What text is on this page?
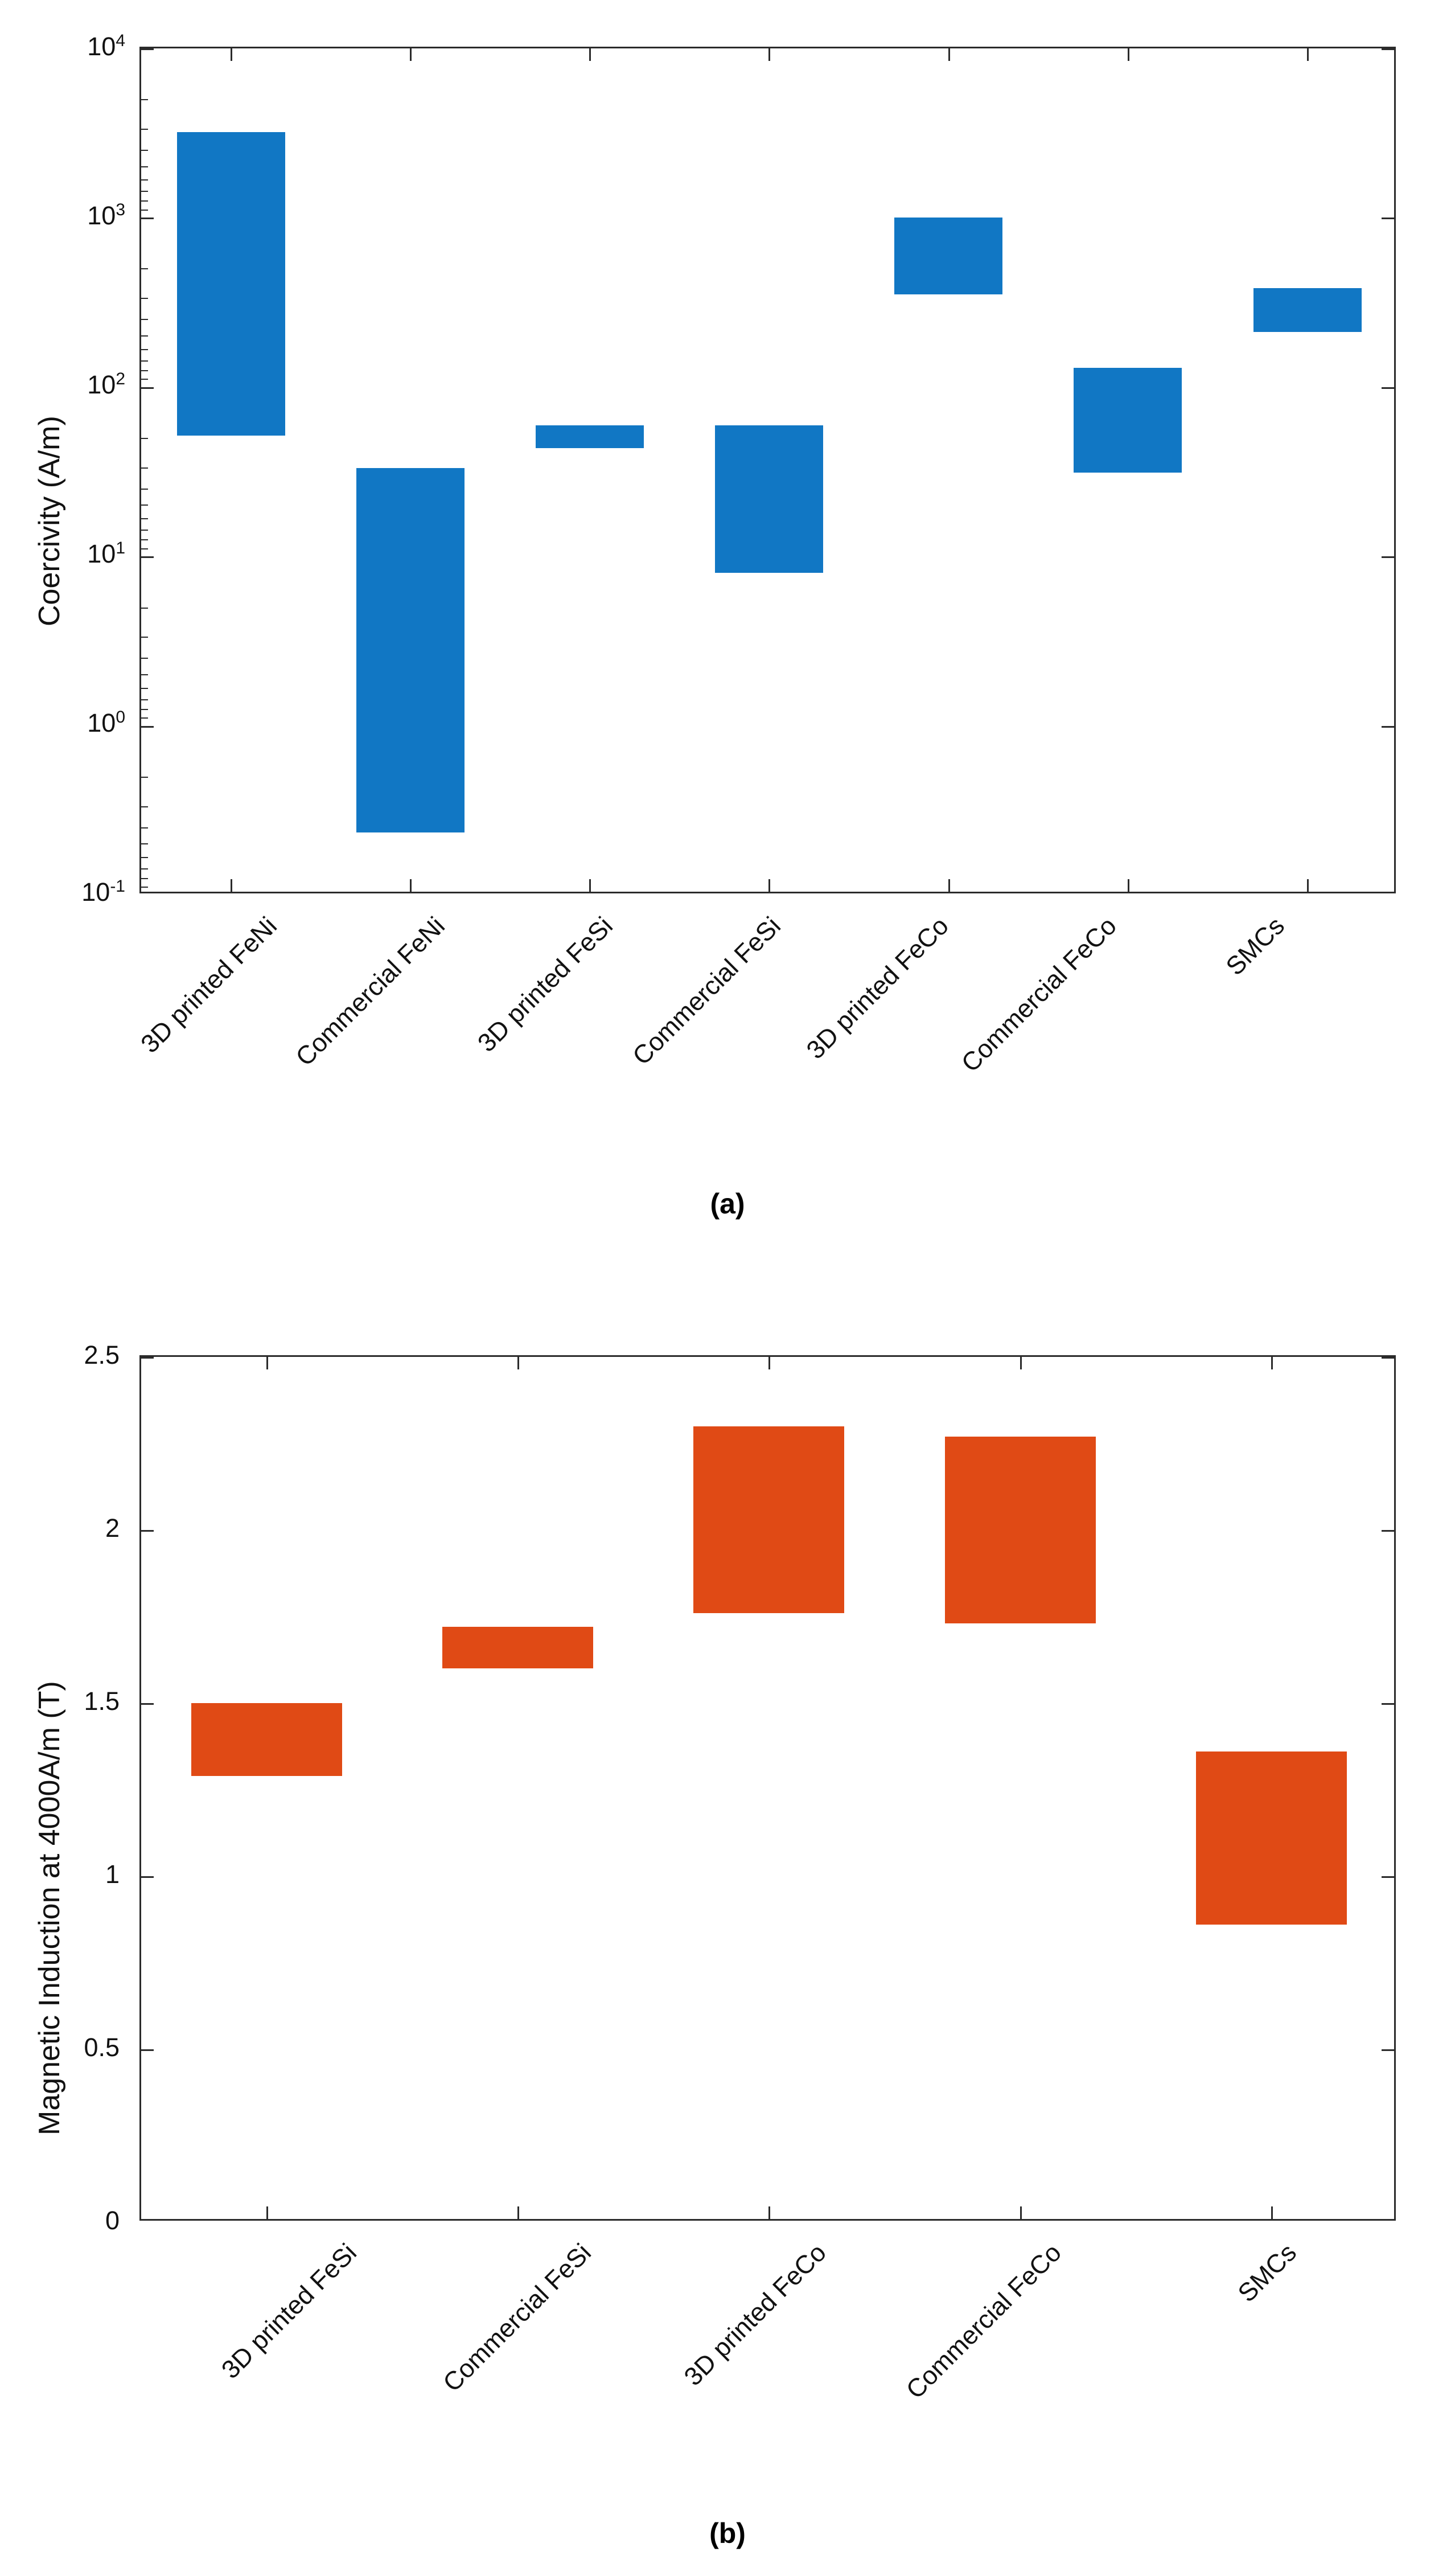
Coercivity (A/m)
$10^4$
$10^3$
$10^2$
$10^1$
$10^0$
$10^{-1}$
3D printed FeNi Commercial FeNi 3D printed FeSi Commercial FeSi 3D printed FeCo Commercial FeCo	SMCs
(a)
Magnetic Induction at 4000A/m (T)
2.5
2
1.5
1
0.5
0
3D printed FeSi	Commercial FeSi	3D printed FeCo	Commercial FeCo	SMCs
(b)
